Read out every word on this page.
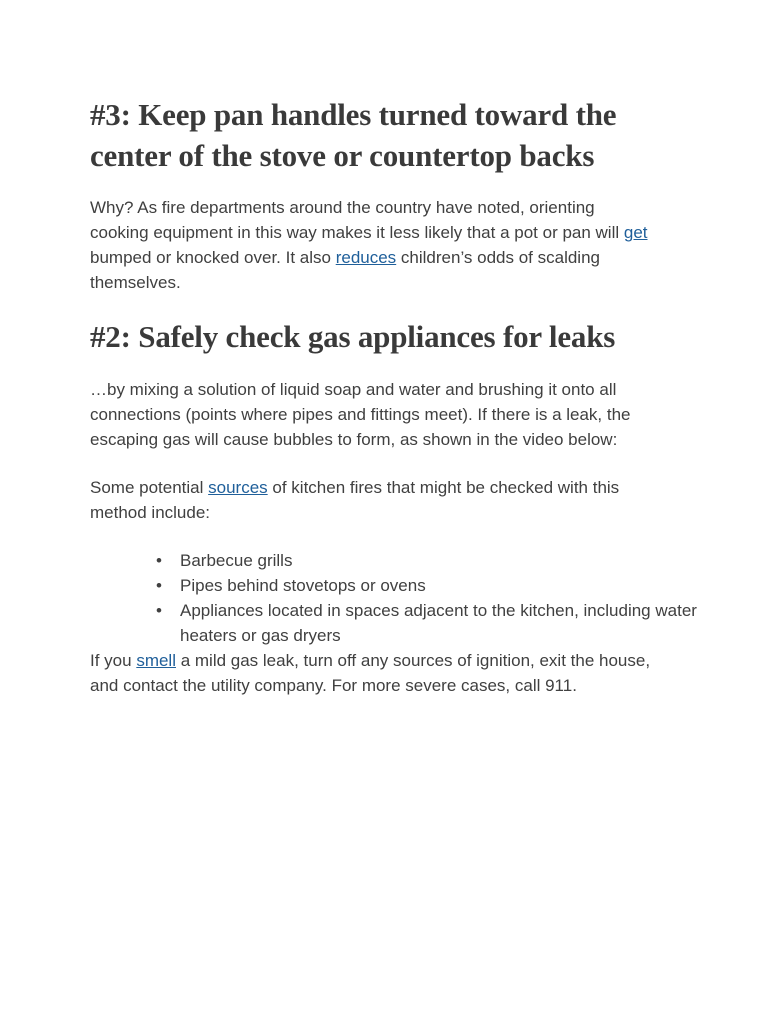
#3: Keep pan handles turned toward the center of the stove or countertop backs

Why? As fire departments around the country have noted, orienting cooking equipment in this way makes it less likely that a pot or pan will get bumped or knocked over. It also reduces children’s odds of scalding themselves.

#2: Safely check gas appliances for leaks

…by mixing a solution of liquid soap and water and brushing it onto all connections (points where pipes and fittings meet). If there is a leak, the escaping gas will cause bubbles to form, as shown in the video below:

Some potential sources of kitchen fires that might be checked with this method include:

• Barbecue grills
• Pipes behind stovetops or ovens
• Appliances located in spaces adjacent to the kitchen, including water heaters or gas dryers

If you smell a mild gas leak, turn off any sources of ignition, exit the house, and contact the utility company. For more severe cases, call 911.
